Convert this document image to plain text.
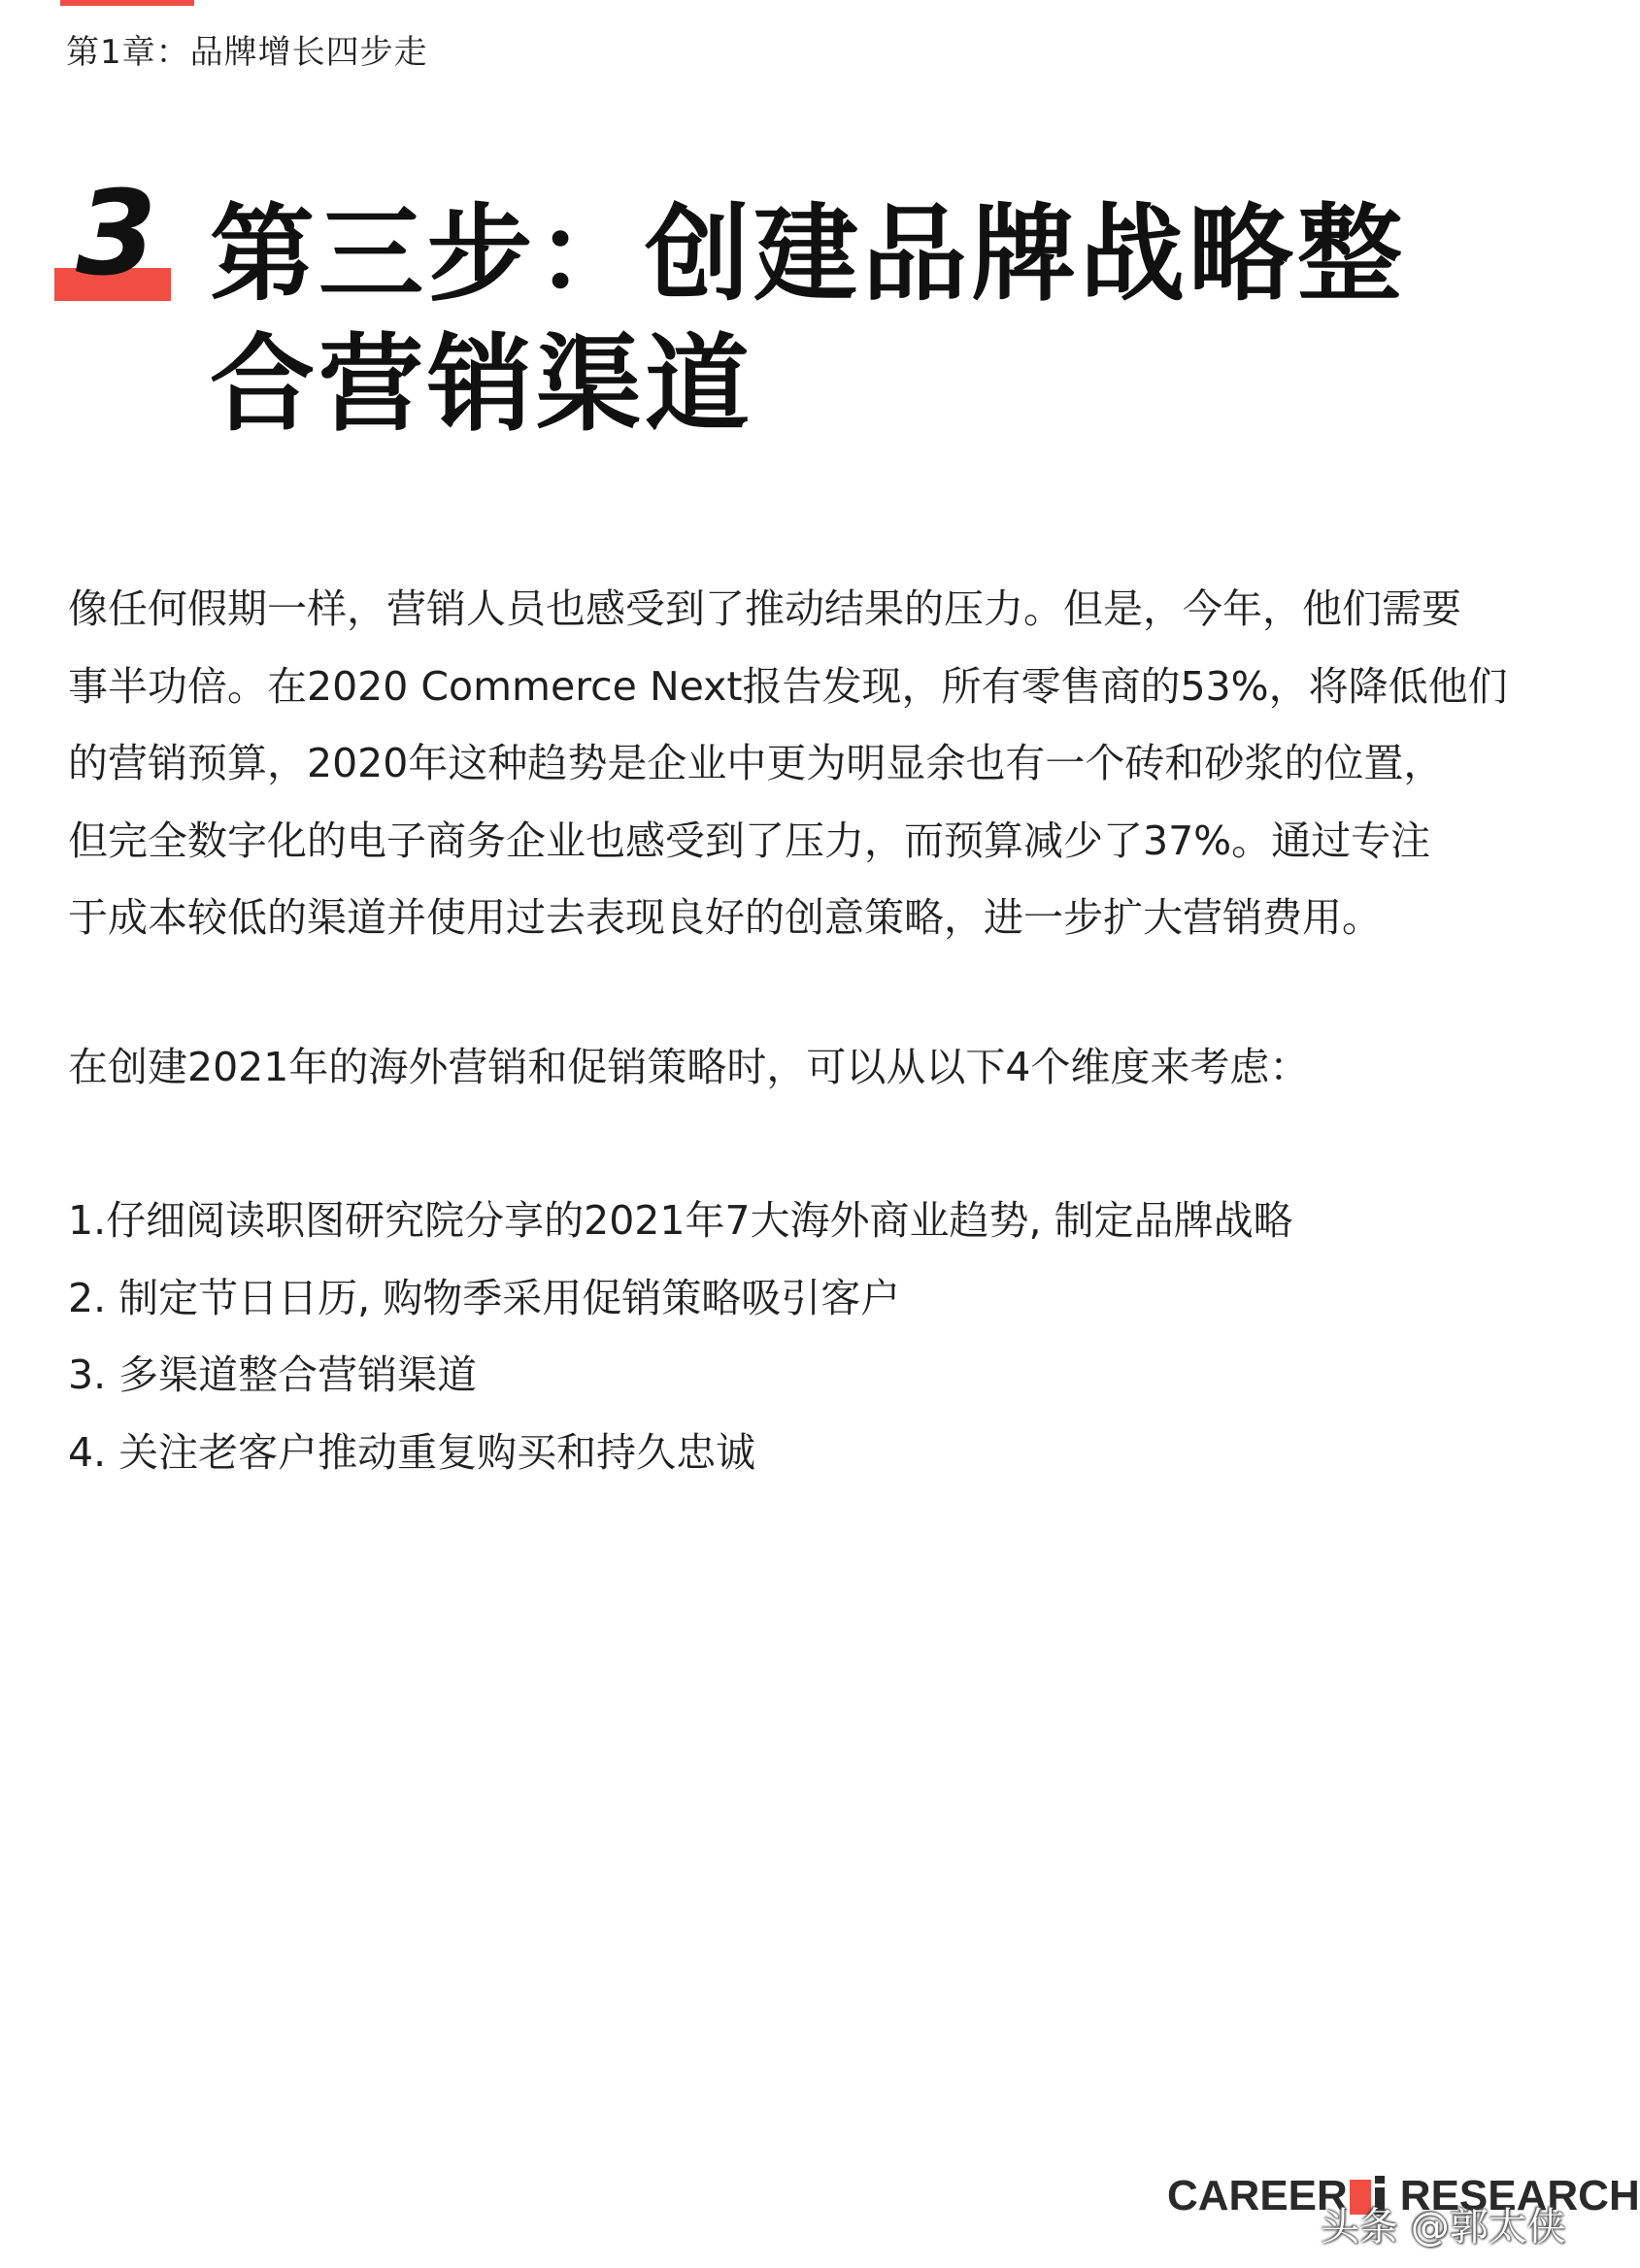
第1章：品牌增长四步走
3 第三步：创建品牌战略整
合营销渠道
像任何假期一样，营销人员也感受到了推动结果的压力。但是，今年，他们需要
事半功倍。在2020 Commerce Next报告发现，所有零售商的53%，将降低他们
的营销预算，2020年这种趋势是企业中更为明显余也有一个砖和砂浆的位置，
但完全数字化的电子商务企业也感受到了压力，而预算减少了37%。通过专注
于成本较低的渠道并使用过去表现良好的创意策略，进一步扩大营销费用。
在创建2021年的海外营销和促销策略时，可以从以下4个维度来考虑：
1.仔细阅读职图研究院分享的2021年7大海外商业趋势, 制定品牌战略
2. 制定节日日历, 购物季采用促销策略吸引客户
3. 多渠道整合营销渠道
4. 关注老客户推动重复购买和持久忠诚
CAREER RESEARCH
头条 @郭太侠
